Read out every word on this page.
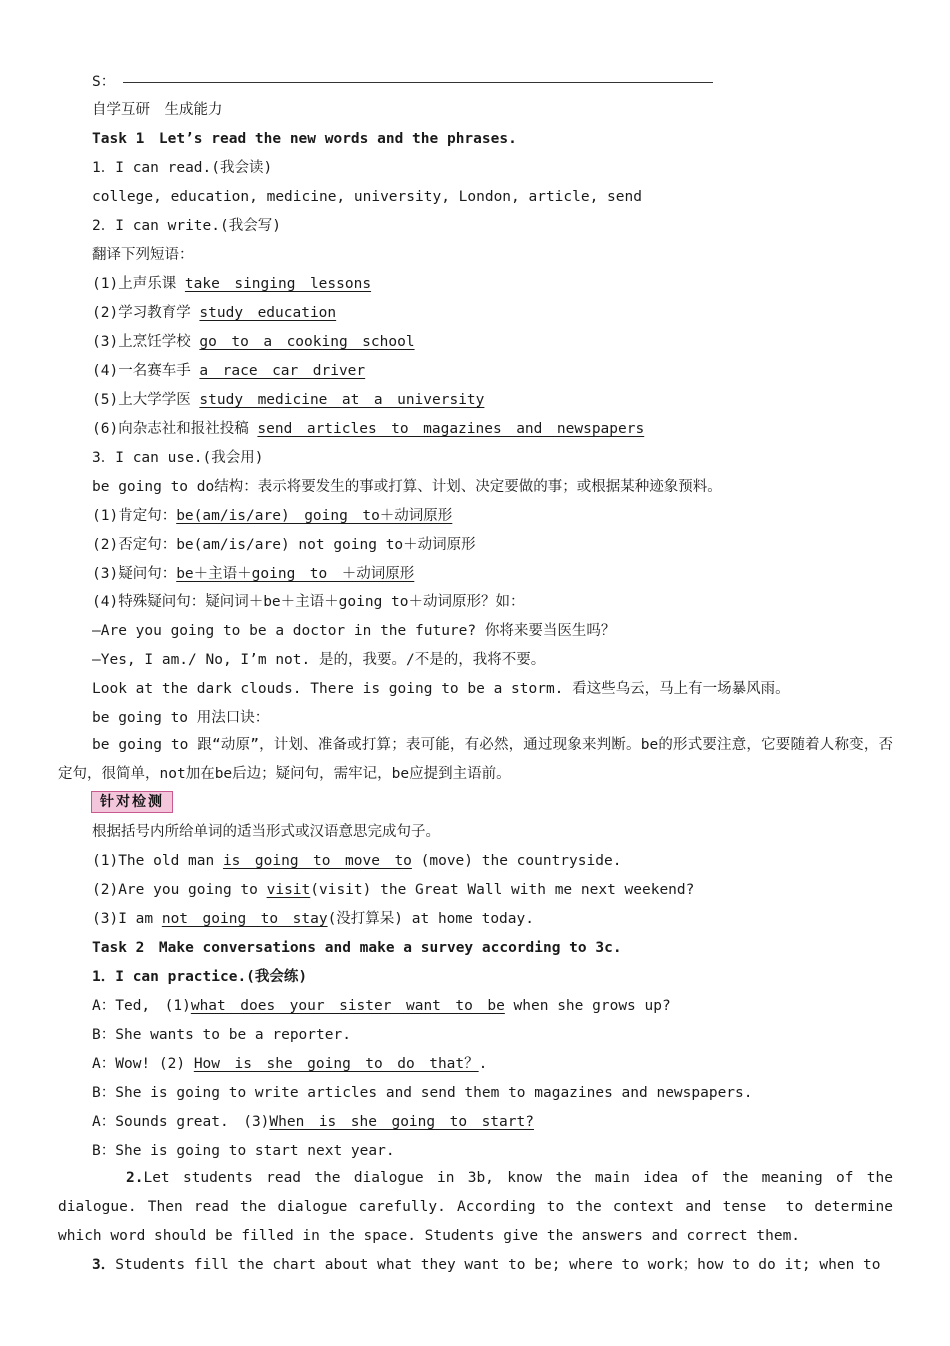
S：
自学互研　生成能力
Task 1　Let’s read the new words and the phrases.
1．I can read.(我会读)
college, education, medicine, university, London, article, send
2．I can write.(我会写)
翻译下列短语：
(1)上声乐课 take　singing　lessons
(2)学习教育学 study　education
(3)上烹饪学校 go　to　a　cooking　school
(4)一名赛车手 a　race　car　driver
(5)上大学学医 study　medicine　at　a　university
(6)向杂志社和报社投稿 send　articles　to　magazines　and　newspapers
3．I can use.(我会用)
be going to do结构：表示将要发生的事或打算、计划、决定要做的事；或根据某种迹象预料。
(1)肯定句：be(am/is/are)　going　to＋动词原形
(2)否定句：be(am/is/are) not going to＋动词原形
(3)疑问句：be＋主语＋going　to　＋动词原形
(4)特殊疑问句：疑问词＋be＋主语＋going to＋动词原形？如：
—Are you going to be a doctor in the future? 你将来要当医生吗？
—Yes, I am./ No, I’m not. 是的，我要。/不是的，我将不要。
Look at the dark clouds. There is going to be a storm. 看这些乌云，马上有一场暴风雨。
be going to 用法口诀：
be going to 跟“动原”，计划、准备或打算；表可能，有必然，通过现象来判断。be的形式要注意，它要随着人称变，否定句，很简单，not加在be后边；疑问句，需牢记，be应提到主语前。
针对检测
根据括号内所给单词的适当形式或汉语意思完成句子。
(1)The old man is　going　to　move　to (move) the countryside.
(2)Are you going to visit(visit) the Great Wall with me next weekend?
(3)I am not　going　to　stay(没打算呆) at home today.
Task 2　Make conversations and make a survey according to 3c.
1．I can practice.(我会练)
A：Ted,　(1)what　does　your　sister　want　to　be when she grows up?
B：She wants to be a reporter.
A：Wow! (2) How　is　she　going　to　do　that？.
B：She is going to write articles and send them to magazines and newspapers.
A：Sounds great.　(3)When　is　she　going　to　start?
B：She is going to start next year.
2.Let students read the dialogue in 3b, know the main idea of the meaning of the dialogue. Then read the dialogue carefully. According to the context and tense　to determine which word should be filled in the space. Students give the answers and correct them.
3．Students fill the chart about what they want to be; where to work；how to do it; when to
